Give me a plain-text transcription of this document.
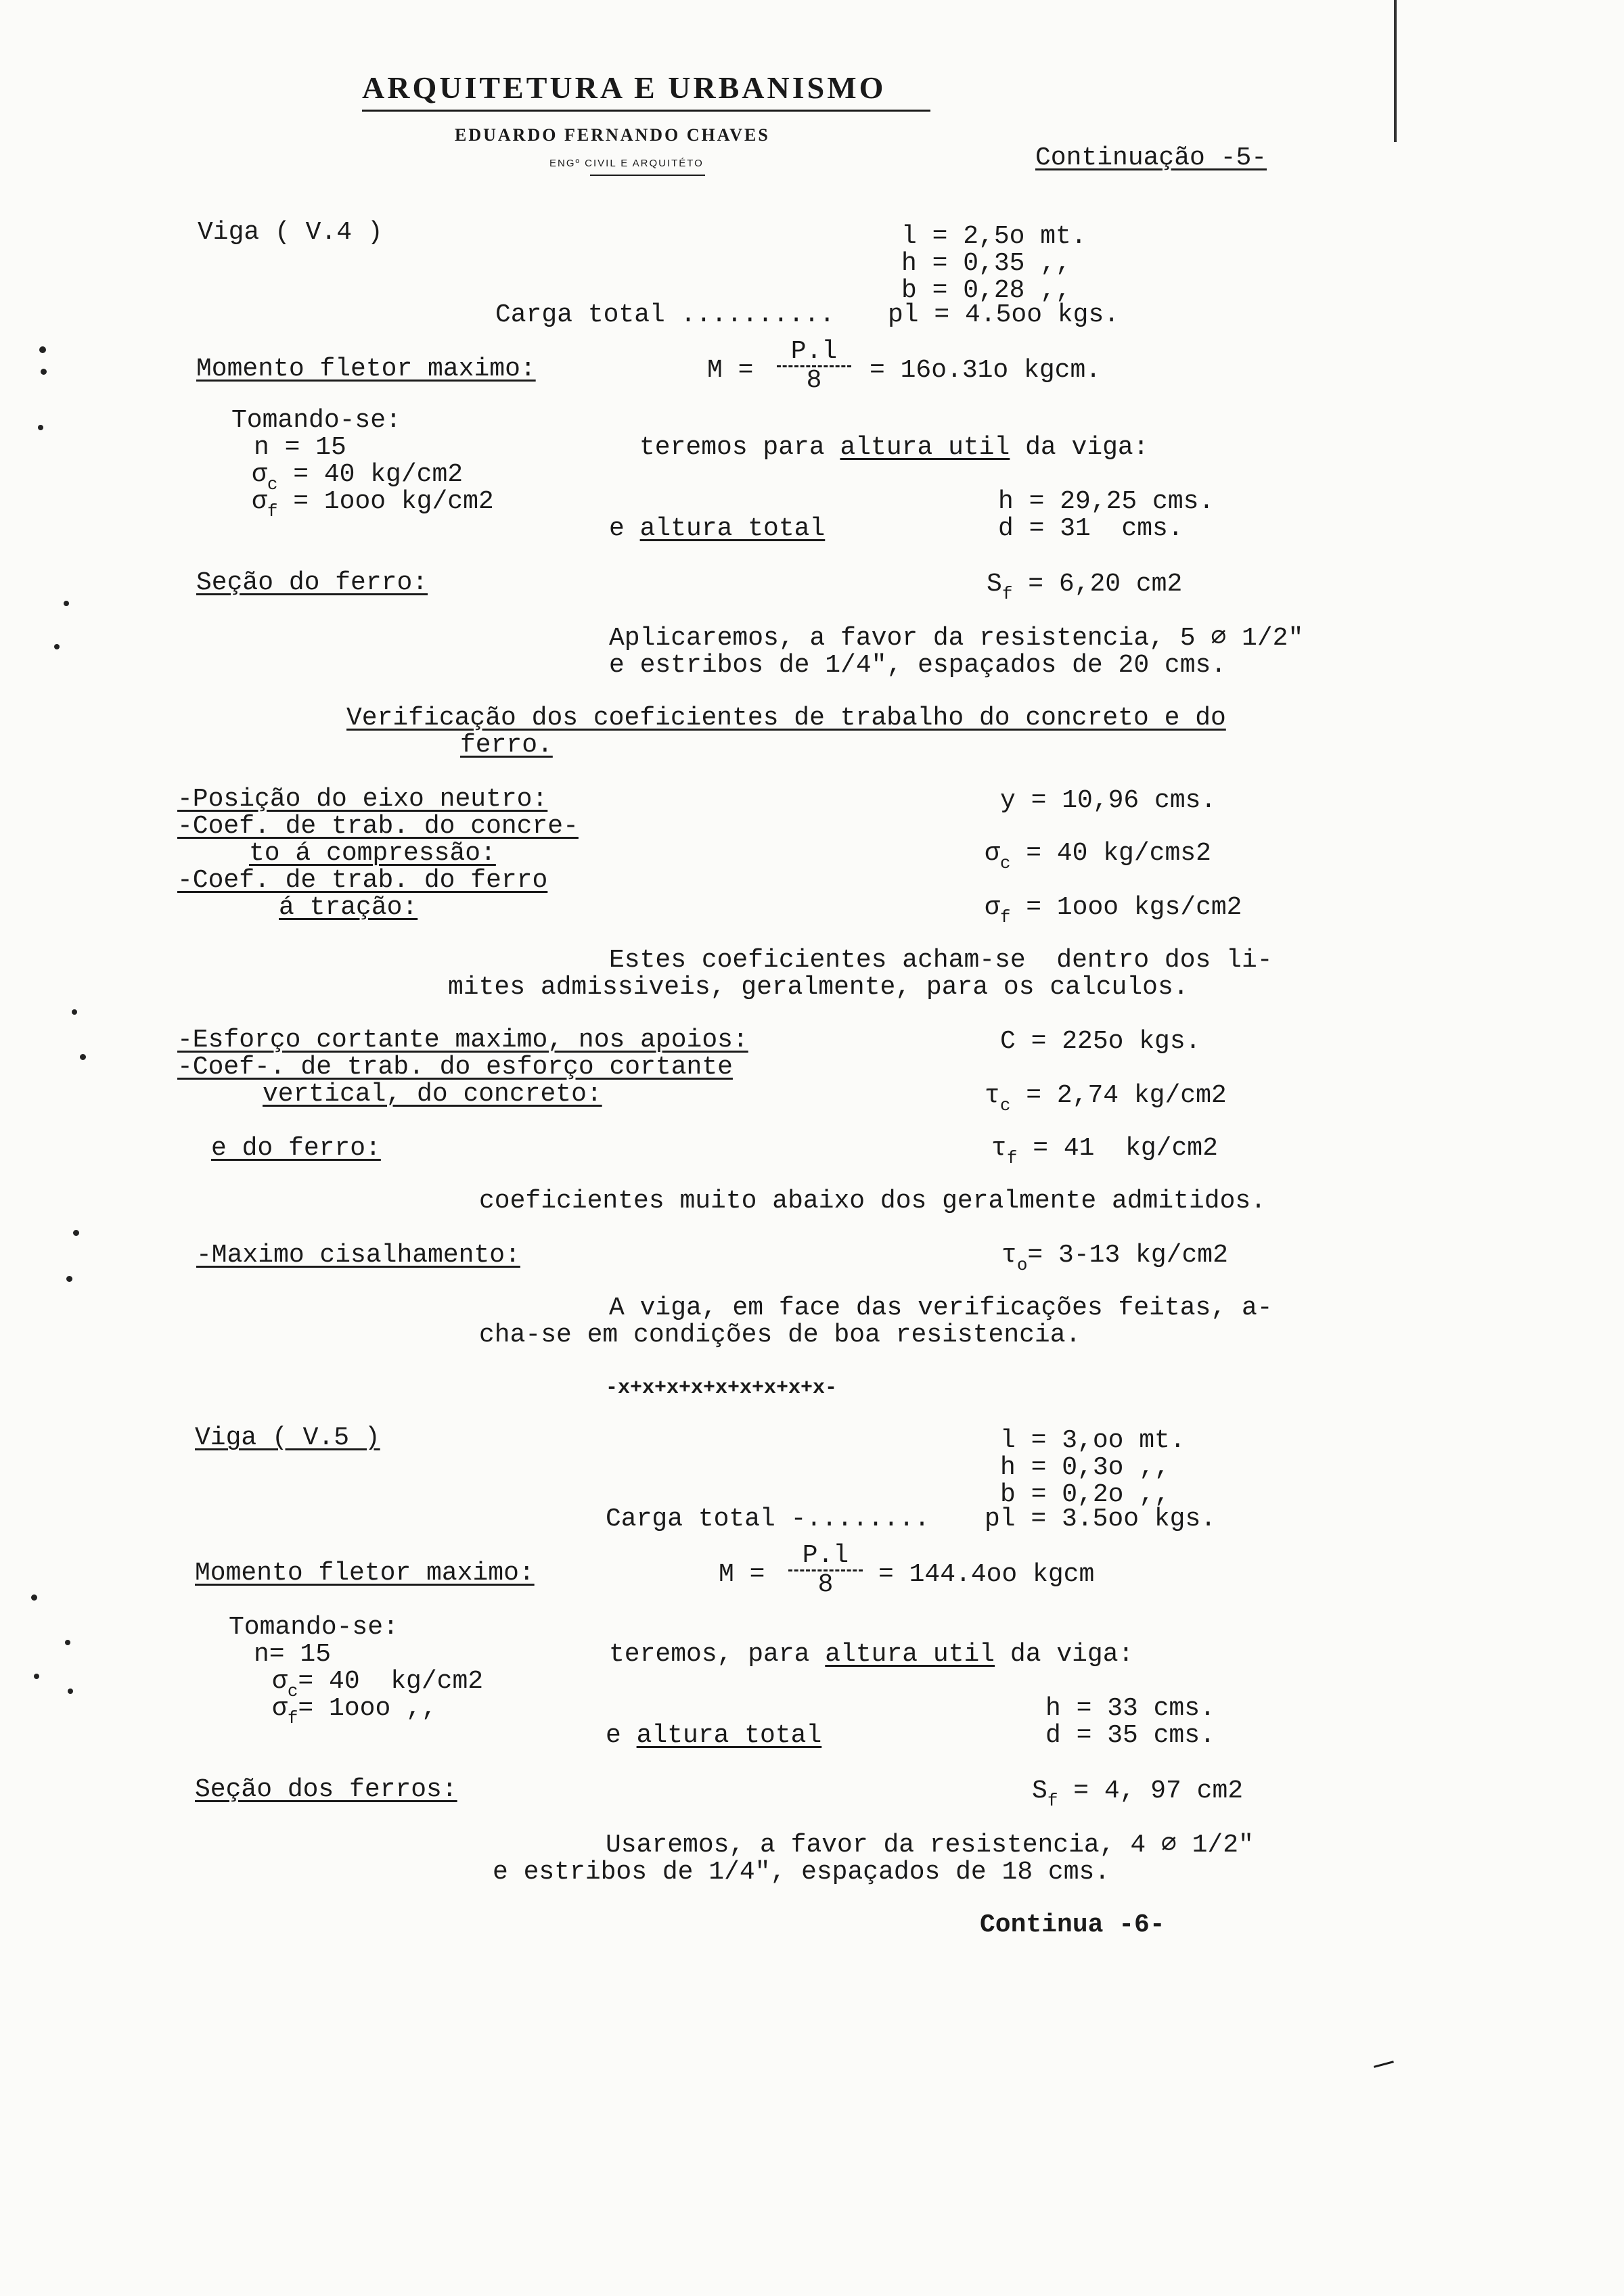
ARQUITETURA E URBANISMO
EDUARDO FERNANDO CHAVES
ENGº CIVIL E ARQUITÉTO	Continuação -5-
Viga ( V.4 )	l = 2,5o mt.
h = 0,35 ,,
b = 0,28 ,,
Carga total .......... pl = 4.5oo kgs.
Momento fletor maximo:	$M = \frac{P.l}{8} = 16o.31o$ kgcm.
Tomando-se:
n = 15	teremos para altura util da viga:
$\sigma_c = 40$ kg/cm2
$\sigma_f = 1ooo$ kg/cm2	h = 29,25 cms.
e altura total	d = 31  cms.
Seção do ferro:	$S_f = 6,20$ cm2
Aplicaremos, a favor da resistencia, 5 ∅ 1/2"
e estribos de 1/4", espaçados de 20 cms.
Verificação dos coeficientes de trabalho do concreto e do
ferro.
-Posição do eixo neutro:	y = 10,96 cms.
-Coef. de trab. do concre-
to á compressão:	$\sigma_c = 40$ kg/cms2
-Coef. de trab. do ferro
á tração:	$\sigma_f = 1ooo$ kgs/cm2
Estes coeficientes acham-se  dentro dos li-
mites admissiveis, geralmente, para os calculos.
-Esforço cortante maximo, nos apoios:	C = 225o kgs.
-Coef-. de trab. do esforço cortante
vertical, do concreto:	$\tau_c = 2,74$ kg/cm2
e do ferro:	$\tau_f = 41$  kg/cm2
coeficientes muito abaixo dos geralmente admitidos.
-Maximo cisalhamento:	$\tau_o= 3-13$ kg/cm2
A viga, em face das verificações feitas, a-
cha-se em condições de boa resistencia.
-x+x+x+x+x+x+x+x+x-
Viga ( V.5 )	l = 3,oo mt.
h = 0,3o ,,
b = 0,2o ,,
Carga total -........ pl = 3.5oo kgs.
Momento fletor maximo:	$M = \frac{P.l}{8} = 144.4oo$ kgcm
Tomando-se:
n= 15	teremos, para altura util da viga:
$\sigma_c= 40$  kg/cm2
$\sigma_f= 1ooo$ ,,	h = 33 cms.
e altura total	d = 35 cms.
Seção dos ferros:	$S_f = 4$, 97 cm2
Usaremos, a favor da resistencia, 4 ∅ 1/2"
e estribos de 1/4", espaçados de 18 cms.
Continua -6-
